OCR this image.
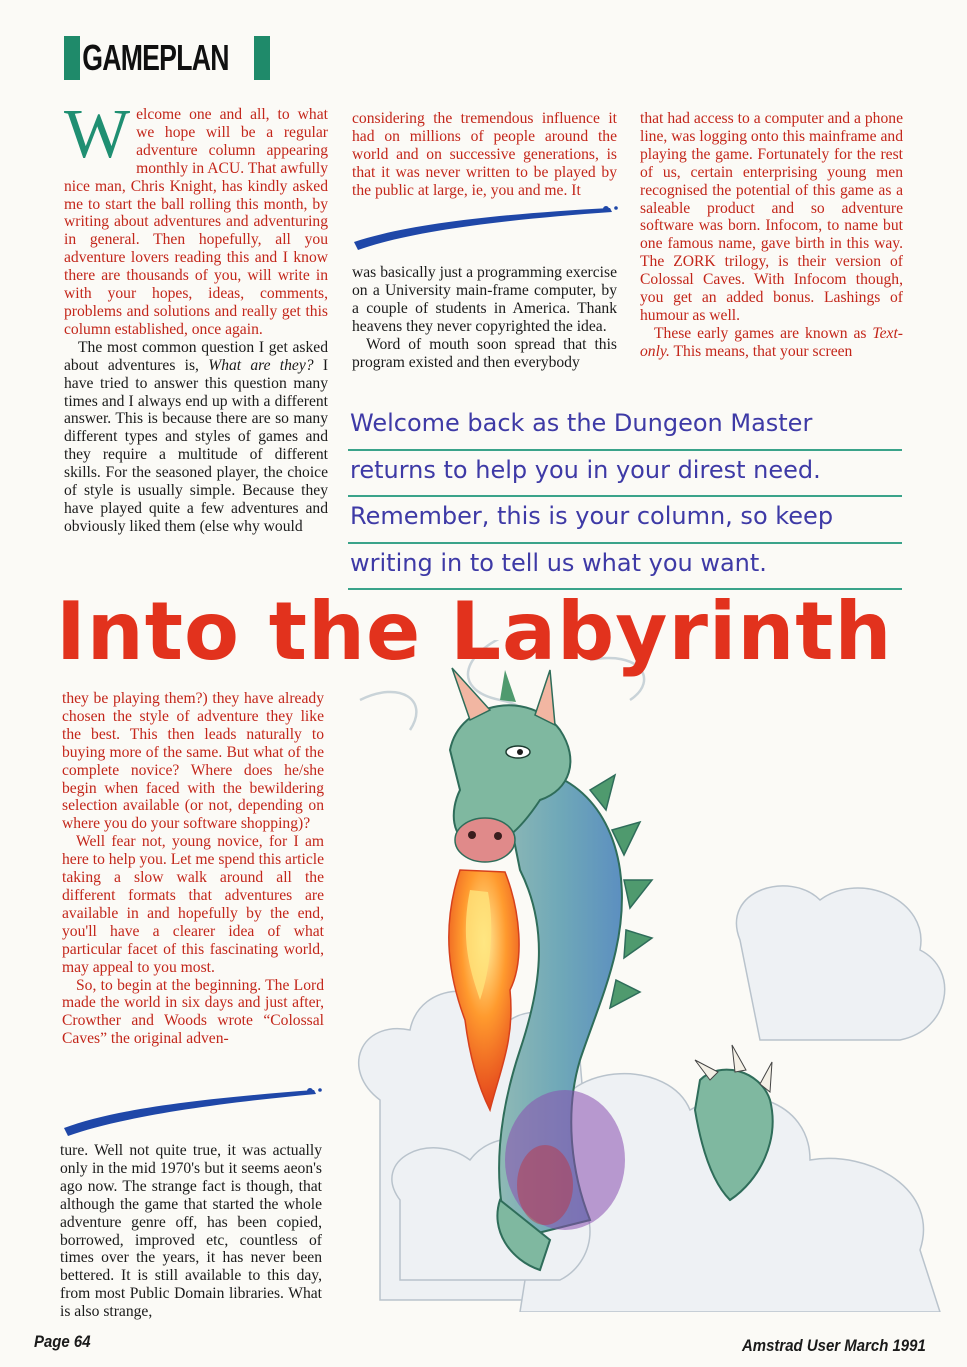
GAMEPLAN

Welcome one and all, to what we hope will be a regular adventure column appearing monthly in ACU. That awfully nice man, Chris Knight, has kindly asked me to start the ball rolling this month, by writing about adventures and adventuring in general. Then hopefully, all you adventure lovers reading this and I know there are thousands of you, will write in with your hopes, ideas, comments, problems and solutions and really get this column established, once again.

The most common question I get asked about adventures is, What are they? I have tried to answer this question many times and I always end up with a different answer. This is because there are so many different types and styles of games and they require a multitude of different skills. For the seasoned player, the choice of style is usually simple. Because they have played quite a few adventures and obviously liked them (else why would

considering the tremendous influence it had on millions of people around the world and on successive generations, is that it was never written to be played by the public at large, ie, you and me. It

was basically just a programming exercise on a University main-frame computer, by a couple of students in America. Thank heavens they never copyrighted the idea.

Word of mouth soon spread that this program existed and then everybody

that had access to a computer and a phone line, was logging onto this mainframe and playing the game. Fortunately for the rest of us, certain enterprising young men recognised the potential of this game as a saleable product and so adventure software was born. Infocom, to name but one famous name, gave birth in this way. The ZORK trilogy, is their version of Colossal Caves. With Infocom though, you get an added bonus. Lashings of humour as well.

These early games are known as Text-only. This means, that your screen

Welcome back as the Dungeon Master
returns to help you in your direst need.
Remember, this is your column, so keep
writing in to tell us what you want.
Into the Labyrinth

they be playing them?) they have already chosen the style of adventure they like the best. This then leads naturally to buying more of the same. But what of the complete novice? Where does he/she begin when faced with the bewildering selection available (or not, depending on where you do your software shopping)?

Well fear not, young novice, for I am here to help you. Let me spend this article taking a slow walk around all the different formats that adventures are available in and hopefully by the end, you'll have a clearer idea of what particular facet of this fascinating world, may appeal to you most.

So, to begin at the beginning. The Lord made the world in six days and just after, Crowther and Woods wrote “Colossal Caves” the original adven-

ture. Well not quite true, it was actually only in the mid 1970's but it seems aeon's ago now. The strange fact is though, that although the game that started the whole adventure genre off, has been copied, borrowed, improved etc, countless of times over the years, it has never been bettered. It is still available to this day, from most Public Domain libraries. What is also strange,

Page 64	Amstrad User March 1991
